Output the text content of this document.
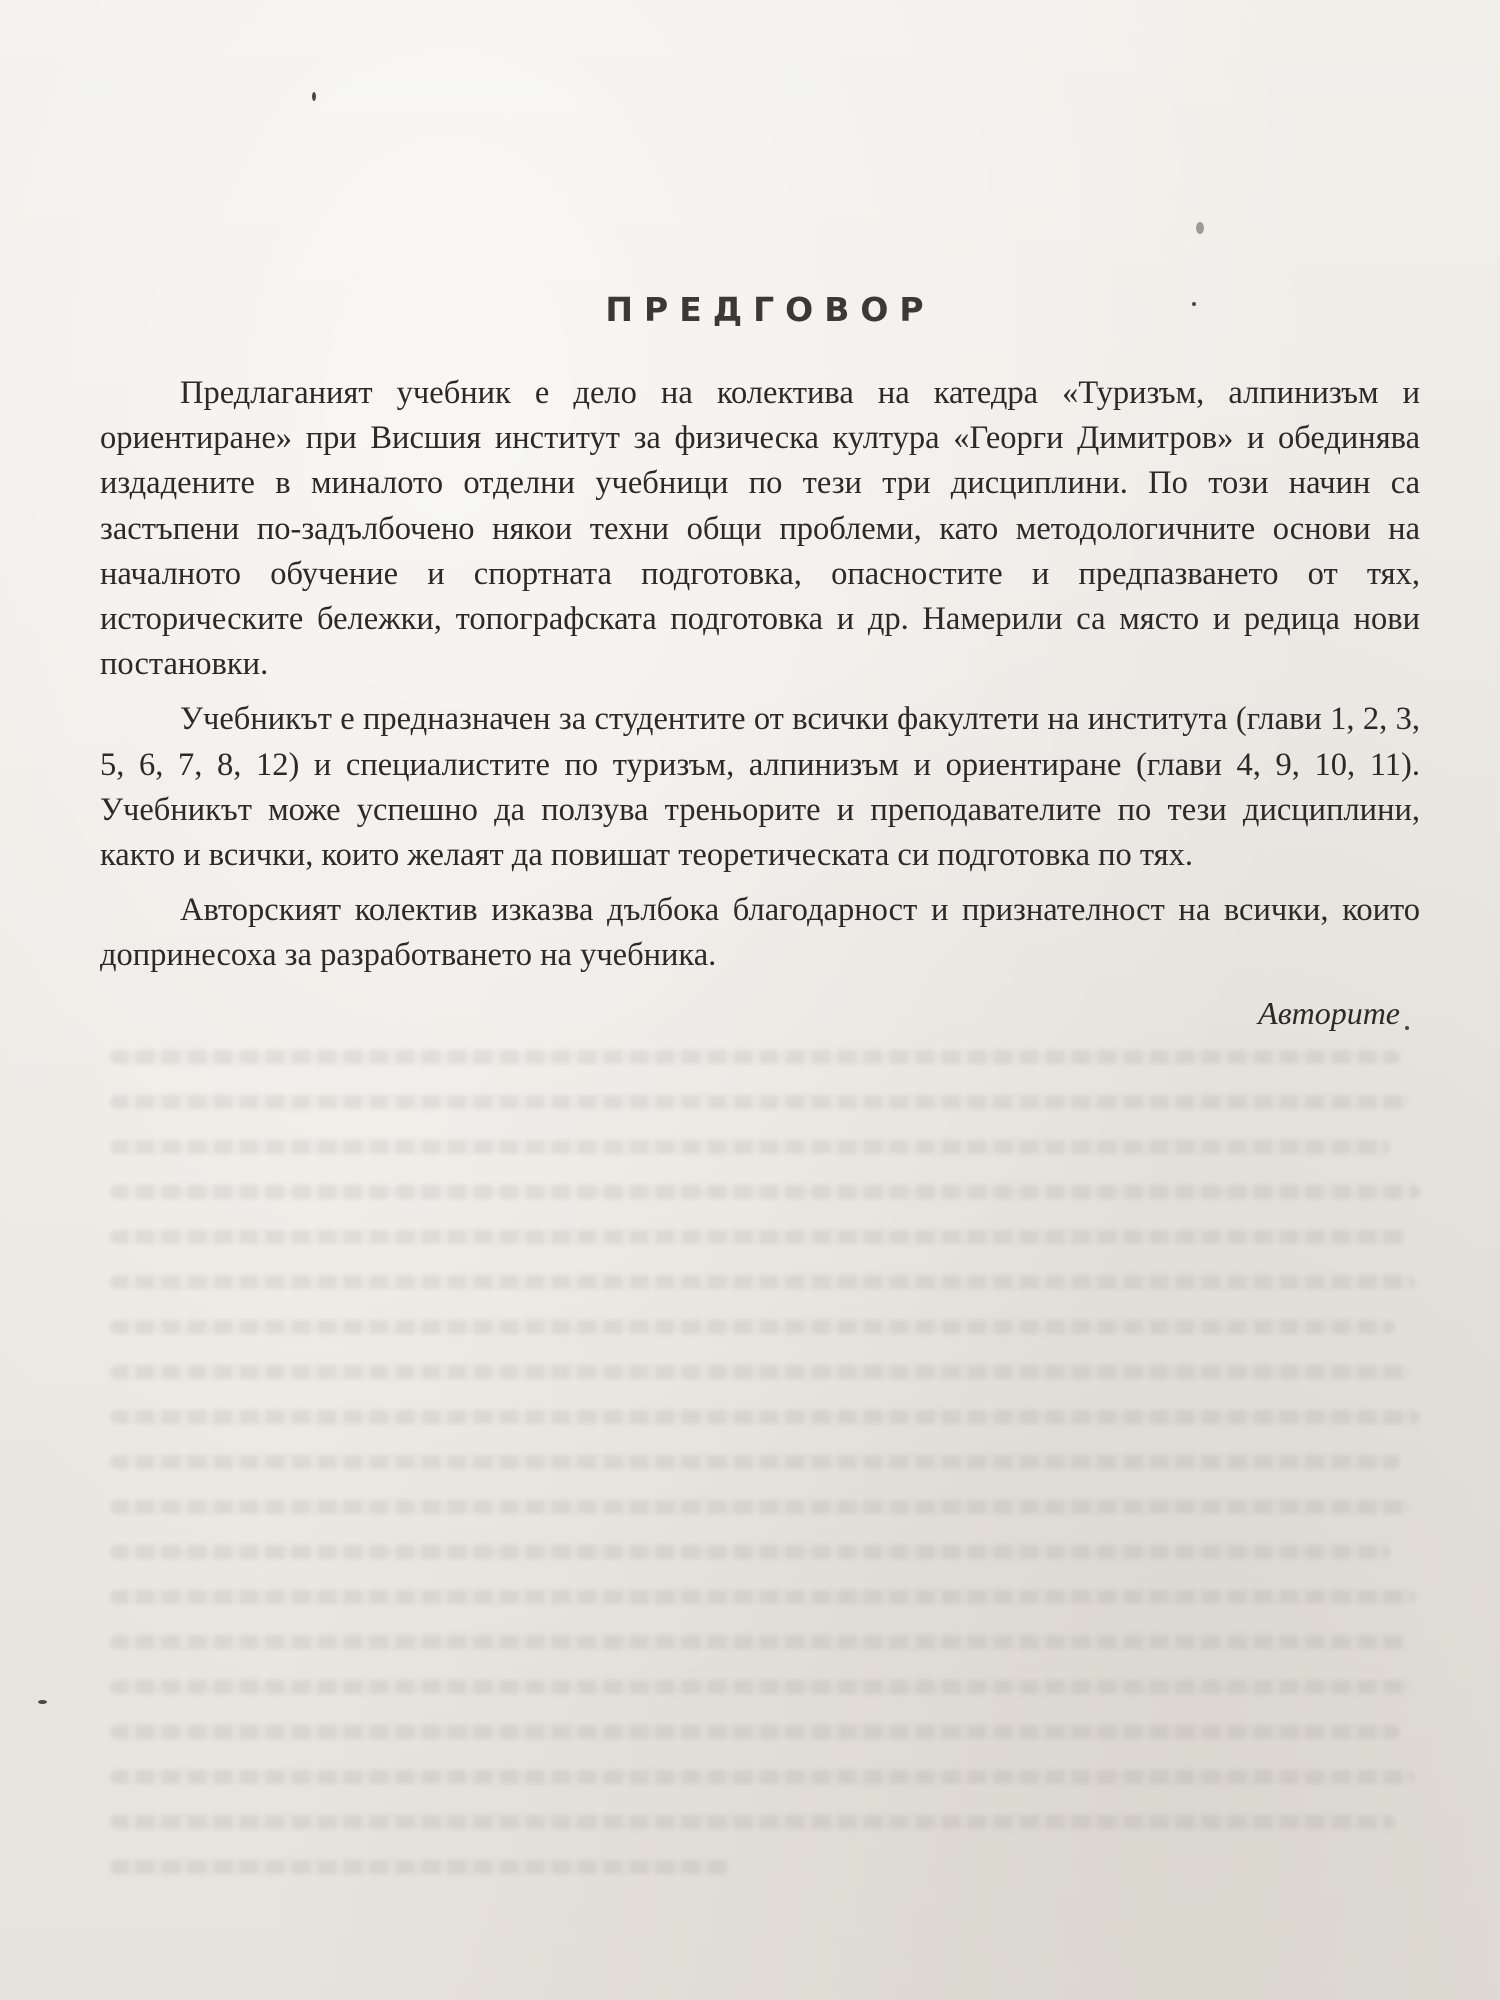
ПРЕДГОВОР

Предлаганият учебник е дело на колектива на катедра «Туризъм, алпинизъм и ориентиране» при Висшия институт за физическа култура «Георги Димитров» и обединява издадените в миналото отделни учебници по тези три дисциплини. По този начин са застъпени по-задълбочено някои техни общи проблеми, като методологичните основи на началното обучение и спортната подготовка, опасностите и предпазването от тях, историческите бележки, топографската подготовка и др. Намерили са място и редица нови постановки.

Учебникът е предназначен за студентите от всички факултети на института (глави 1, 2, 3, 5, 6, 7, 8, 12) и специалистите по туризъм, алпинизъм и ориентиране (глави 4, 9, 10, 11). Учебникът може успешно да ползува треньорите и преподавателите по тези дисциплини, както и всички, които желаят да повишат теоретическата си подготовка по тях.

Авторският колектив изказва дълбока благодарност и признателност на всички, които допринесоха за разработването на учебника.

Авторите
